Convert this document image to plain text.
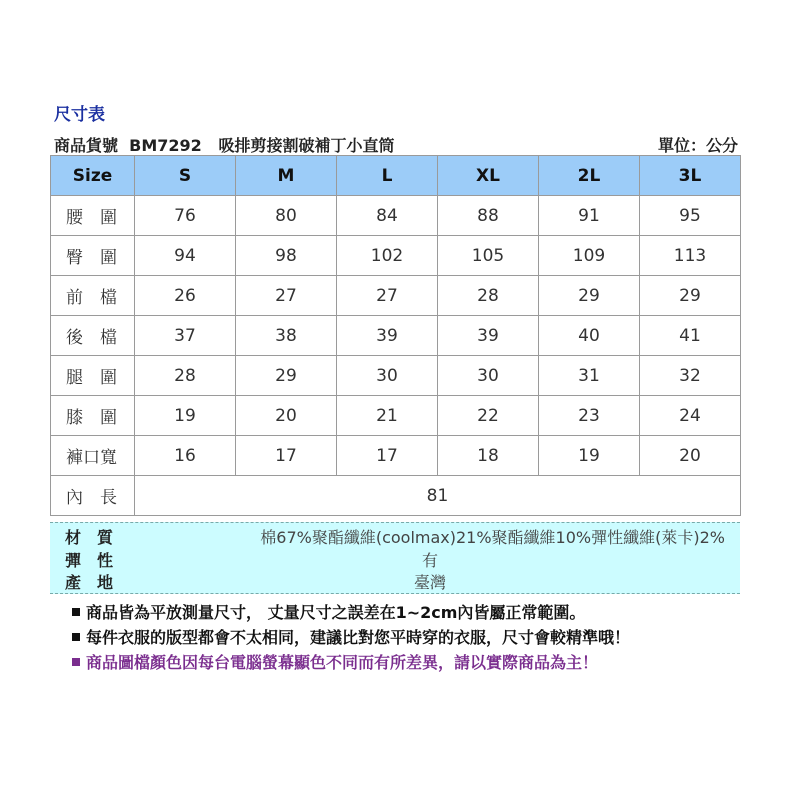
尺寸表
商品貨號 BM7292 吸排剪接割破補丁小直筒	單位：公分
Size	S	M	L	XL	2L	3L
腰　圍	76	80	84	88	91	95
臀　圍	94	98	102	105	109	113
前　檔	26	27	27	28	29	29
後　檔	37	38	39	39	40	41
腿　圍	28	29	30	30	31	32
膝　圍	19	20	21	22	23	24
褲口寬	16	17	17	18	19	20
內　長	81					
材　質	棉67%聚酯纖維(coolmax)21%聚酯纖維10%彈性纖維(萊卡)2%
彈　性	有
產　地	臺灣
商品皆為平放測量尺寸， 丈量尺寸之誤差在1~2cm內皆屬正常範圍。
每件衣服的版型都會不太相同，建議比對您平時穿的衣服，尺寸會較精準哦！
商品圖檔顏色因每台電腦螢幕顯色不同而有所差異，請以實際商品為主！
